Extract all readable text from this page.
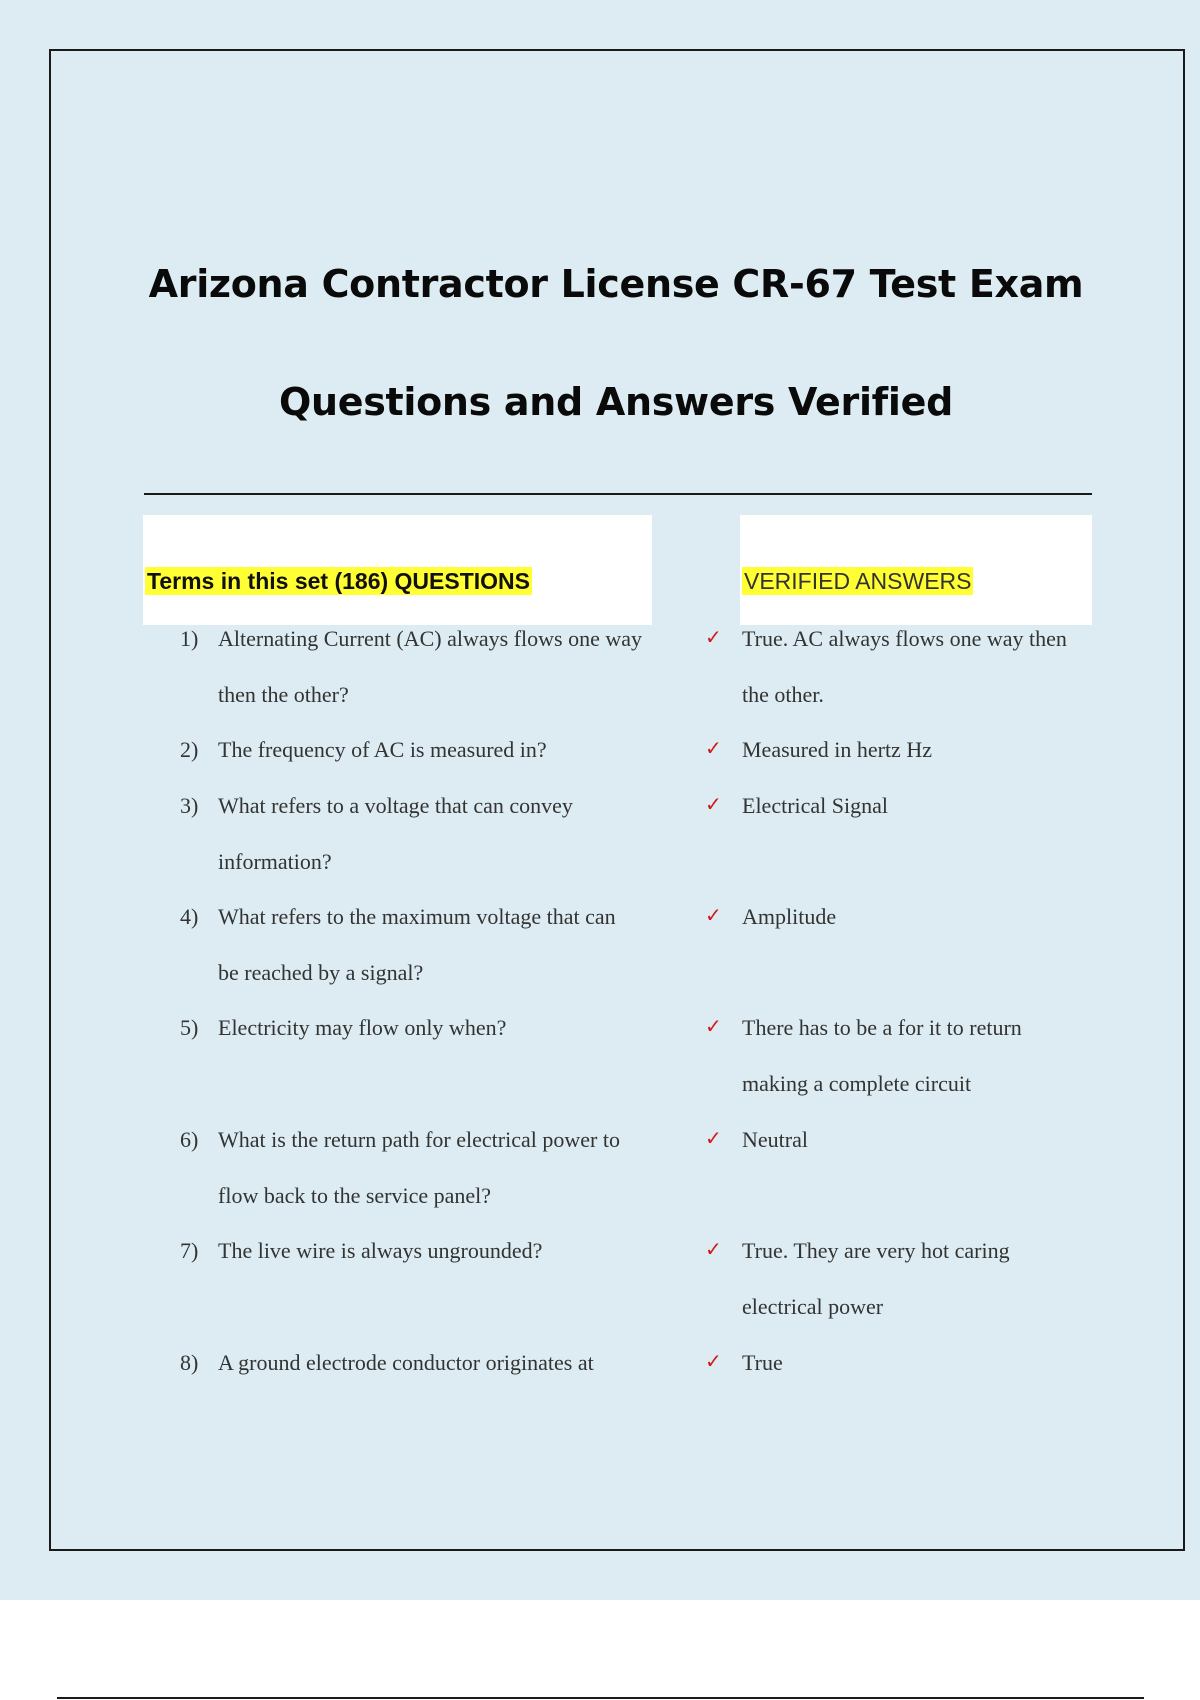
Arizona Contractor License CR-67 Test Exam
Questions and Answers Verified
Terms in this set (186) QUESTIONS	VERIFIED ANSWERS
1) Alternating Current (AC) always flows one way then the other?
✓ True. AC always flows one way then the other.
2) The frequency of AC is measured in?	✓ Measured in hertz Hz
3) What refers to a voltage that can convey information?
✓ Electrical Signal
4) What refers to the maximum voltage that can be reached by a signal?
✓ Amplitude
5) Electricity may flow only when?	✓ There has to be a for it to return making a complete circuit
6) What is the return path for electrical power to flow back to the service panel?
✓ Neutral
7) The live wire is always ungrounded?	✓ True. They are very hot caring electrical power
8) A ground electrode conductor originates at	✓ True
